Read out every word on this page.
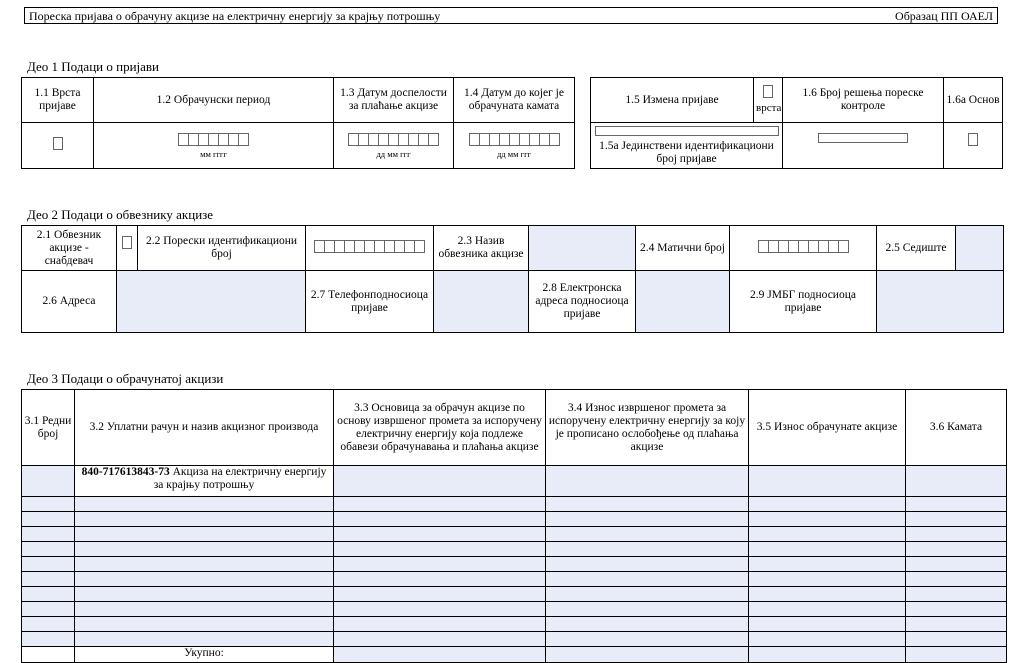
Пореска пријава о обрачуну акцизе на електричну енергију за крајњу потрошњу	Образац ПП ОАЕЛ
Део 1 Подаци о пријави
1.1 Врста пријаве	1.2 Обрачунски период	1.3 Датум доспелости за плаћање акцизе	1.4 Датум до којег је обрачуната камата

	мм гггг	дд мм ггг	дд мм ггг
1.5 Измена пријаве	врста	1.6 Број решења пореске контроле	1.6а Основ

1.5а Јединствени идентификациони број пријаве			

Део 2 Подаци о обвезнику акцизе
2.1 Обвезник акцизе - снабдевач		2.2 Порески идентификациони број		2.3 Назив обвезника акцизе		2.4 Матични број		2.5 Седиште	
2.6 Адреса			2.7 Телефонподносиоца пријаве		2.8 Електронска адреса подносиоца пријаве		2.9 ЈМБГ подносиоца пријаве		
Део 3 Подаци о обрачунатој акцизи
3.1 Редни број	3.2 Уплатни рачун и назив акцизног производа	3.3 Основица за обрачун акцизе по основу извршеног промета за испоручену електричну енергију која подлеже обавези обрачунавања и плаћања акцизе	3.4 Износ извршеног промета за испоручену електричну енергију за коју је прописано ослобођење од плаћања акцизе	3.5 Износ обрачунате акцизе	3.6 Камата
	840-717613843-73 Акциза на електричну енергију за крајњу потрошњу				

	Укупно:				
